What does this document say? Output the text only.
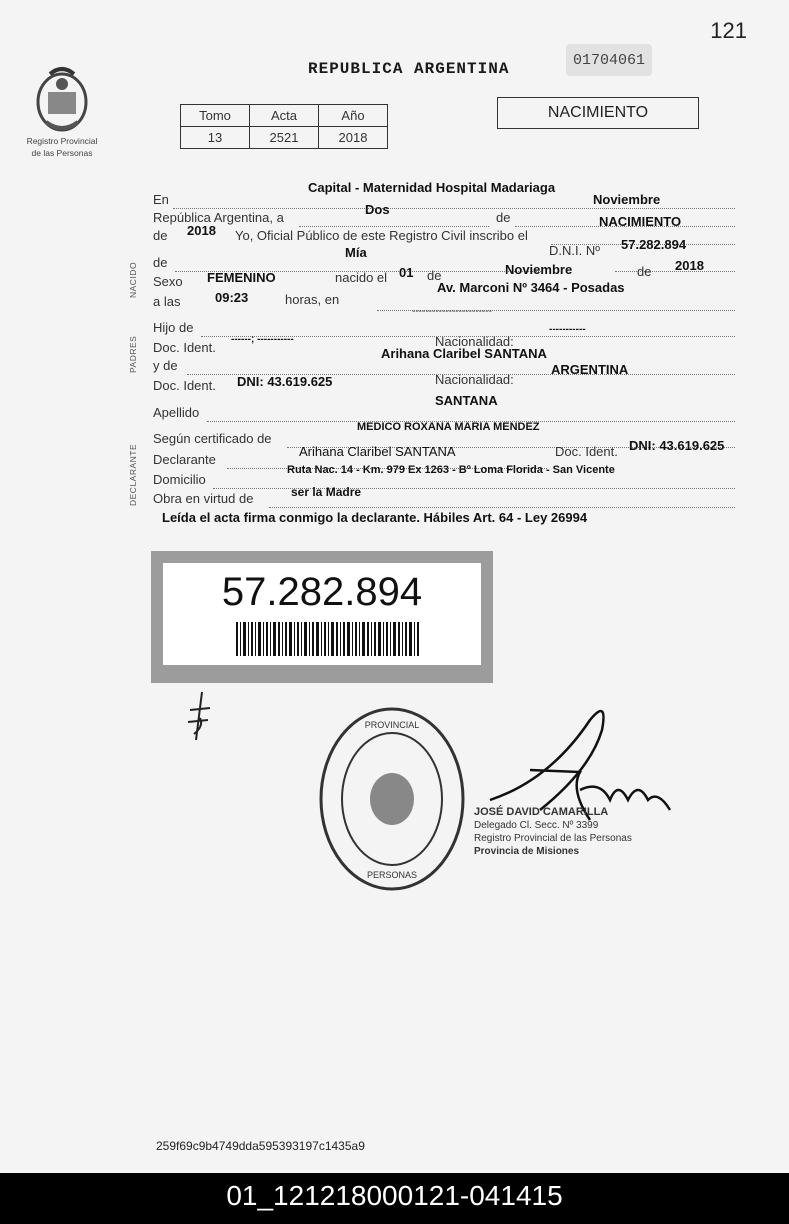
121
Registro Provincial
de las Personas
REPUBLICA ARGENTINA	01704061
Tomo	Acta	Año
13	2521	2018
NACIMIENTO
NACIDO
PADRES
DECLARANTE
En
Capital - Maternidad Hospital Madariaga
República Argentina, a
Dos
de
Noviembre
de 2018 Yo, Oficial Público de este Registro Civil inscribo el
NACIMIENTO
de
Mía	D.N.I. Nº 57.282.894
Sexo FEMENINO	nacido el 01 de	Noviembre	de 2018
a las	09:23	horas, en
Av. Marconi Nº 3464 - Posadas
------------------------
Hijo de
Doc. Ident.
------; -----------	Nacionalidad:
-----------
y de
Arihana Claribel SANTANA
Doc. Ident. DNI: 43.619.625	Nacionalidad:
ARGENTINA
Apellido
SANTANA
Según certificado de
MEDICO ROXANA MARIA MENDEZ
Declarante
Arihana Claribel SANTANA	Doc. Ident. DNI: 43.619.625
Domicilio
Ruta Nac. 14 - Km. 979 Ex 1263 - Bº Loma Florida - San Vicente
Obra en virtud de	ser la Madre
Leída el acta firma conmigo la declarante. Hábiles Art. 64 - Ley 26994
57.282.894
PROVINCIAL
PERSONAS
JOSÉ DAVID CAMARILLA
Delegado Cl. Secc. Nº 3399
Registro Provincial de las Personas
Provincia de Misiones
259f69c9b4749dda595393197c1435a9
01_121218000121-041415
